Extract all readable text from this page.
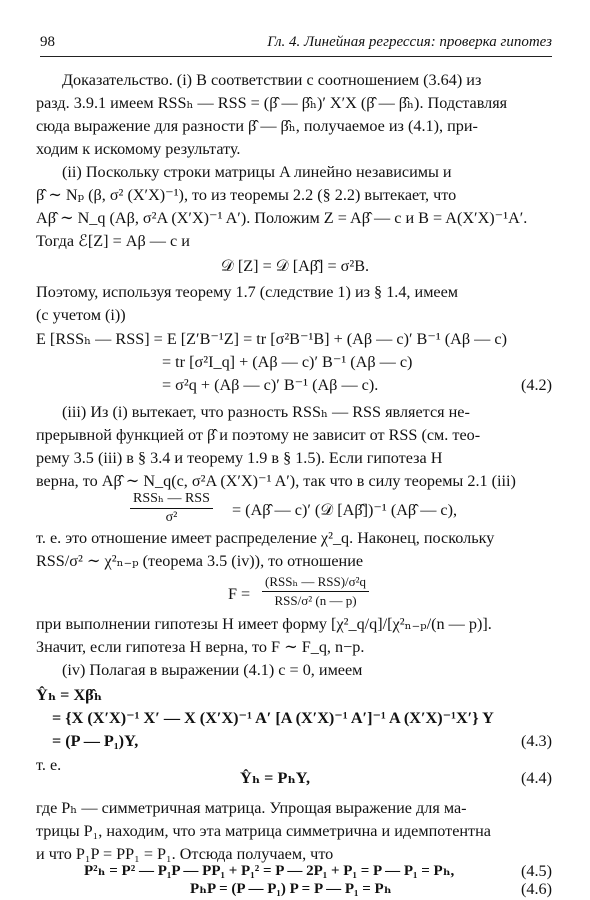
98	Гл. 4. Линейная регрессия: проверка гипотез
Доказательство. (i) В соответствии с соотношением (3.64) из
разд. 3.9.1 имеем RSSₕ — RSS = (β̂ — β̂ₕ)′ X′X (β̂ — β̂ₕ). Подставляя
сюда выражение для разности β̂ — β̂ₕ, получаемое из (4.1), при-
ходим к искомому результату.
(ii) Поскольку строки матрицы A линейно независимы и
β̂ ∼ Nₚ (β, σ² (X′X)⁻¹), то из теоремы 2.2 (§ 2.2) вытекает, что
Aβ̂ ∼ N_q (Aβ, σ²A (X′X)⁻¹ A′). Положим Z = Aβ̂ — c и B = A(X′X)⁻¹A′.
Тогда ℰ[Z] = Aβ — c и
𝒟 [Z] = 𝒟 [Aβ̂] = σ²B.
Поэтому, используя теорему 1.7 (следствие 1) из § 1.4, имеем
(с учетом (i))
E [RSSₕ — RSS] = E [Z′B⁻¹Z] = tr [σ²B⁻¹B] + (Aβ — c)′ B⁻¹ (Aβ — c)
= tr [σ²I_q] + (Aβ — c)′ B⁻¹ (Aβ — c)
= σ²q + (Aβ — c)′ B⁻¹ (Aβ — c).	(4.2)
(iii) Из (i) вытекает, что разность RSSₕ — RSS является не-
прерывной функцией от β̂ и поэтому не зависит от RSS (см. тео-
рему 3.5 (iii) в § 3.4 и теорему 1.9 в § 1.5). Если гипотеза H
верна, то Aβ̂ ∼ N_q(c, σ²A (X′X)⁻¹ A′), так что в силу теоремы 2.1 (iii)
RSSₕ — RSS
σ²	= (Aβ̂ — c)′ (𝒟 [Aβ̂])⁻¹ (Aβ̂ — c),
т. е. это отношение имеет распределение χ²_q. Наконец, поскольку
RSS/σ² ∼ χ²ₙ₋ₚ (теорема 3.5 (iv)), то отношение
F =
(RSSₕ — RSS)/σ²q
RSS/σ² (n — p)
при выполнении гипотезы H имеет форму [χ²_q/q]/[χ²ₙ₋ₚ/(n — p)].
Значит, если гипотеза H верна, то F ∼ F_q, n−p.
(iv) Полагая в выражении (4.1) c = 0, имеем
Ŷₕ = Xβ̂ₕ
= {X (X′X)⁻¹ X′ — X (X′X)⁻¹ A′ [A (X′X)⁻¹ A′]⁻¹ A (X′X)⁻¹X′} Y
= (P — P₁)Y,	(4.3)
т. е.
Ŷₕ = PₕY,	(4.4)
где Pₕ — симметричная матрица. Упрощая выражение для ма-
трицы P₁, находим, что эта матрица симметрична и идемпотентна
и что P₁P = PP₁ = P₁. Отсюда получаем, что
P²ₕ = P² — P₁P — PP₁ + P₁² = P — 2P₁ + P₁ = P — P₁ = Pₕ,	(4.5)
PₕP = (P — P₁) P = P — P₁ = Pₕ	(4.6)
